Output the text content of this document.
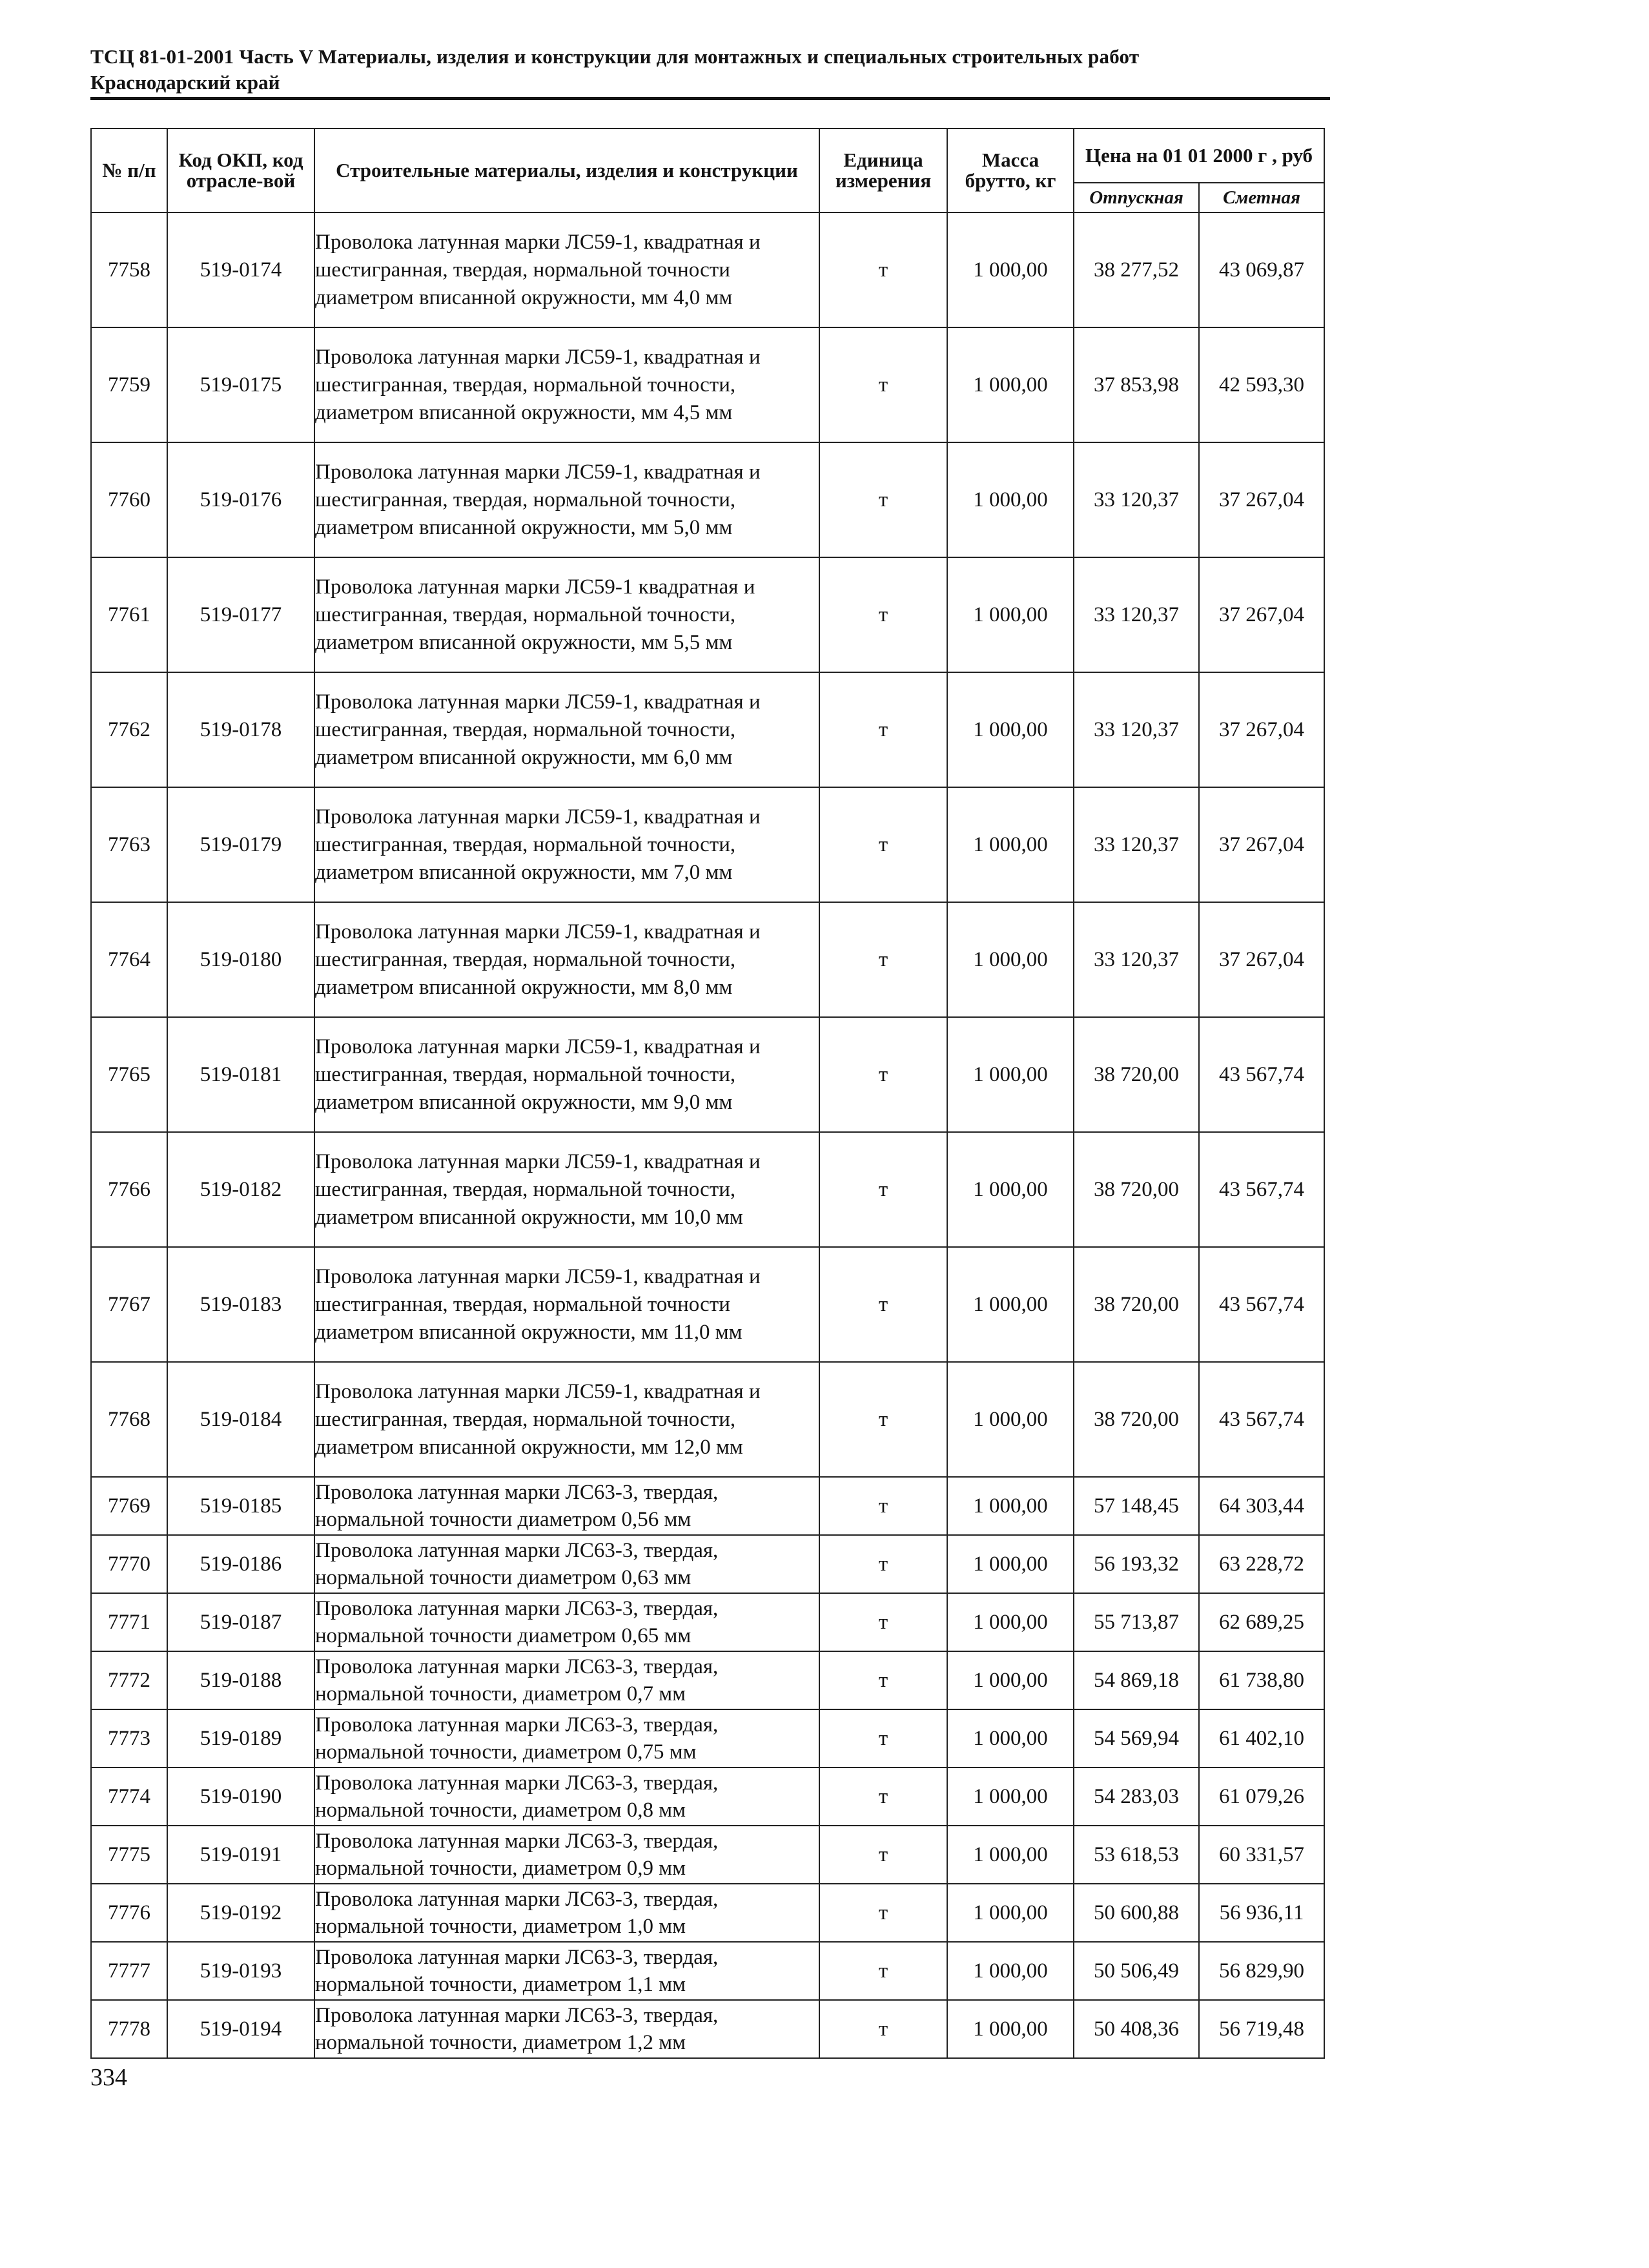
ТСЦ 81-01-2001 Часть V Материалы, изделия и конструкции для монтажных и специальных строительных работ
Краснодарский край
№ п/п	Код ОКП, код отрасле-вой	Строительные материалы, изделия и конструкции	Единица измерения	Масса брутто, кг	Цена на 01 01 2000 г , руб	
					Отпускная	Сметная
7758	519-0174	Проволока латунная марки ЛС59-1, квадратная и шестигранная, твердая, нормальной точности диаметром вписанной окружности, мм 4,0 мм	т	1 000,00	38 277,52	43 069,87
7759	519-0175	Проволока латунная марки ЛС59-1, квадратная и шестигранная, твердая, нормальной точности, диаметром вписанной окружности, мм 4,5 мм	т	1 000,00	37 853,98	42 593,30
7760	519-0176	Проволока латунная марки ЛС59-1, квадратная и шестигранная, твердая, нормальной точности, диаметром вписанной окружности, мм 5,0 мм	т	1 000,00	33 120,37	37 267,04
7761	519-0177	Проволока латунная марки ЛС59-1 квадратная и шестигранная, твердая, нормальной точности, диаметром вписанной окружности, мм 5,5 мм	т	1 000,00	33 120,37	37 267,04
7762	519-0178	Проволока латунная марки ЛС59-1, квадратная и шестигранная, твердая, нормальной точности, диаметром вписанной окружности, мм 6,0 мм	т	1 000,00	33 120,37	37 267,04
7763	519-0179	Проволока латунная марки ЛС59-1, квадратная и шестигранная, твердая, нормальной точности, диаметром вписанной окружности, мм 7,0 мм	т	1 000,00	33 120,37	37 267,04
7764	519-0180	Проволока латунная марки ЛС59-1, квадратная и шестигранная, твердая, нормальной точности, диаметром вписанной окружности, мм 8,0 мм	т	1 000,00	33 120,37	37 267,04
7765	519-0181	Проволока латунная марки ЛС59-1, квадратная и шестигранная, твердая, нормальной точности, диаметром вписанной окружности, мм 9,0 мм	т	1 000,00	38 720,00	43 567,74
7766	519-0182	Проволока латунная марки ЛС59-1, квадратная и шестигранная, твердая, нормальной точности, диаметром вписанной окружности, мм 10,0 мм	т	1 000,00	38 720,00	43 567,74
7767	519-0183	Проволока латунная марки ЛС59-1, квадратная и шестигранная, твердая, нормальной точности диаметром вписанной окружности, мм 11,0 мм	т	1 000,00	38 720,00	43 567,74
7768	519-0184	Проволока латунная марки ЛС59-1, квадратная и шестигранная, твердая, нормальной точности, диаметром вписанной окружности, мм 12,0 мм	т	1 000,00	38 720,00	43 567,74
7769	519-0185	Проволока латунная марки ЛС63-3, твердая, нормальной точности диаметром 0,56 мм	т	1 000,00	57 148,45	64 303,44
7770	519-0186	Проволока латунная марки ЛС63-3, твердая, нормальной точности диаметром 0,63 мм	т	1 000,00	56 193,32	63 228,72
7771	519-0187	Проволока латунная марки ЛС63-3, твердая, нормальной точности диаметром 0,65 мм	т	1 000,00	55 713,87	62 689,25
7772	519-0188	Проволока латунная марки ЛС63-3, твердая, нормальной точности, диаметром 0,7 мм	т	1 000,00	54 869,18	61 738,80
7773	519-0189	Проволока латунная марки ЛС63-3, твердая, нормальной точности, диаметром 0,75 мм	т	1 000,00	54 569,94	61 402,10
7774	519-0190	Проволока латунная марки ЛС63-3, твердая, нормальной точности, диаметром 0,8 мм	т	1 000,00	54 283,03	61 079,26
7775	519-0191	Проволока латунная марки ЛС63-3, твердая, нормальной точности, диаметром 0,9 мм	т	1 000,00	53 618,53	60 331,57
7776	519-0192	Проволока латунная марки ЛС63-3, твердая, нормальной точности, диаметром 1,0 мм	т	1 000,00	50 600,88	56 936,11
7777	519-0193	Проволока латунная марки ЛС63-3, твердая, нормальной точности, диаметром 1,1 мм	т	1 000,00	50 506,49	56 829,90
7778	519-0194	Проволока латунная марки ЛС63-3, твердая, нормальной точности, диаметром 1,2 мм	т	1 000,00	50 408,36	56 719,48
334
